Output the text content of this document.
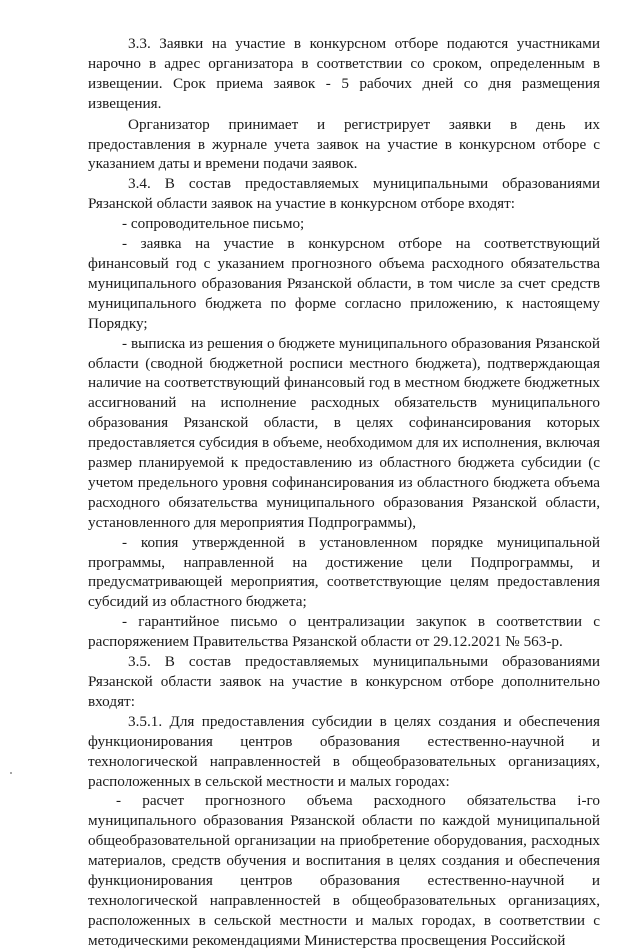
3.3. Заявки на участие в конкурсном отборе подаются участниками нарочно в адрес организатора в соответствии со сроком, определенным в извещении. Срок приема заявок - 5 рабочих дней со дня размещения извещения.

Организатор принимает и регистрирует заявки в день их предоставления в журнале учета заявок на участие в конкурсном отборе с указанием даты и времени подачи заявок.

3.4. В состав предоставляемых муниципальными образованиями Рязанской области заявок на участие в конкурсном отборе входят:

- сопроводительное письмо;

- заявка на участие в конкурсном отборе на соответствующий финансовый год с указанием прогнозного объема расходного обязательства муниципального образования Рязанской области, в том числе за счет средств муниципального бюджета по форме согласно приложению, к настоящему Порядку;

- выписка из решения о бюджете муниципального образования Рязанской области (сводной бюджетной росписи местного бюджета), подтверждающая наличие на соответствующий финансовый год в местном бюджете бюджетных ассигнований на исполнение расходных обязательств муниципального образования Рязанской области, в целях софинансирования которых предоставляется субсидия в объеме, необходимом для их исполнения, включая размер планируемой к предоставлению из областного бюджета субсидии (с учетом предельного уровня софинансирования из областного бюджета объема расходного обязательства муниципального образования Рязанской области, установленного для мероприятия Подпрограммы),

- копия утвержденной в установленном порядке муниципальной программы, направленной на достижение цели Подпрограммы, и предусматривающей мероприятия, соответствующие целям предоставления субсидий из областного бюджета;

- гарантийное письмо о централизации закупок в соответствии с распоряжением Правительства Рязанской области от 29.12.2021 № 563-р.

3.5. В состав предоставляемых муниципальными образованиями Рязанской области заявок на участие в конкурсном отборе дополнительно входят:

3.5.1. Для предоставления субсидии в целях создания и обеспечения функционирования центров образования естественно-научной и технологической направленностей в общеобразовательных организациях, расположенных в сельской местности и малых городах:

- расчет прогнозного объема расходного обязательства i-го муниципального образования Рязанской области по каждой муниципальной общеобразовательной организации на приобретение оборудования, расходных материалов, средств обучения и воспитания в целях создания и обеспечения функционирования центров образования естественно-научной и технологической направленностей в общеобразовательных организациях, расположенных в сельской местности и малых городах, в соответствии с методическими рекомендациями Министерства просвещения Российской
